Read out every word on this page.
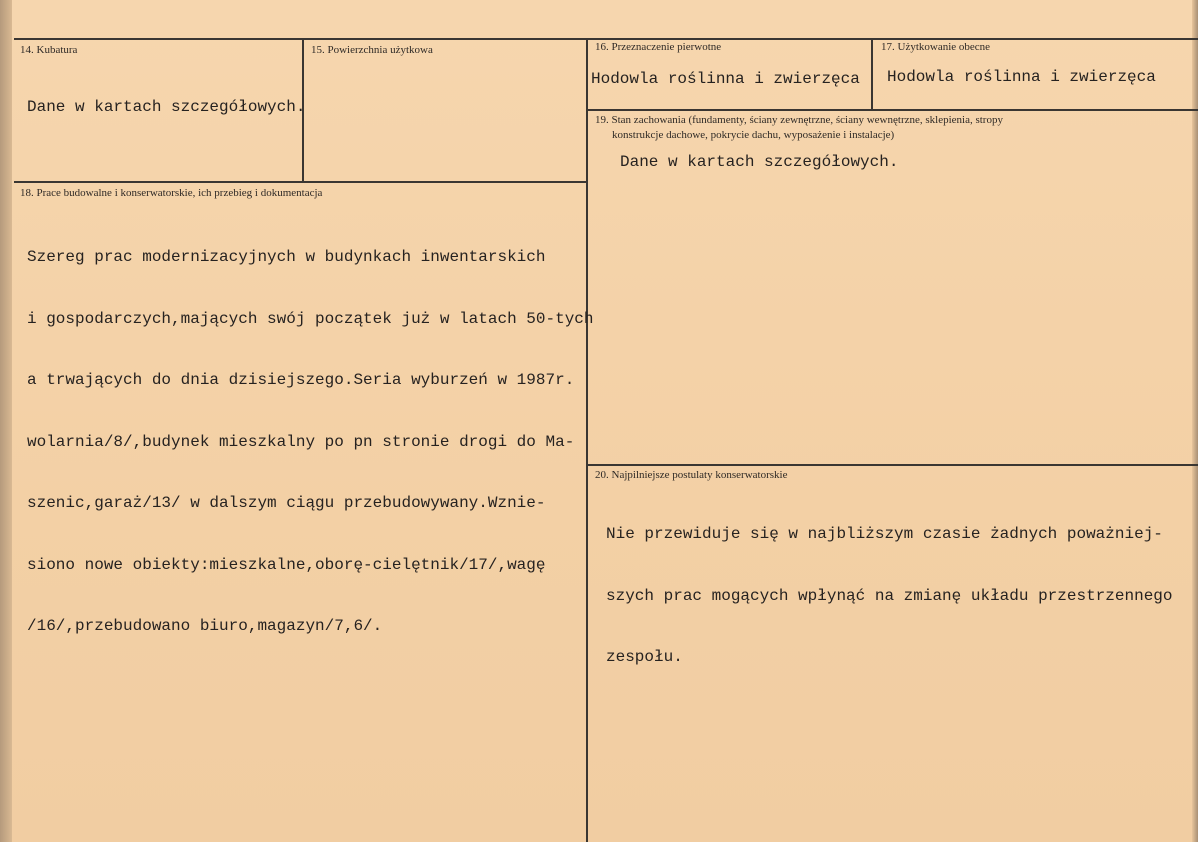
14. Kubatura
Dane w kartach szczegółowych.
15. Powierzchnia użytkowa	16. Przeznaczenie pierwotne
Hodowla roślinna i zwierzęca
17. Użytkowanie obecne
Hodowla roślinna i zwierzęca
19. Stan zachowania (fundamenty, ściany zewnętrzne, ściany wewnętrzne, sklepienia, stropy
konstrukcje dachowe, pokrycie dachu, wyposażenie i instalacje)
Dane w kartach szczegółowych.
18. Prace budowalne i konserwatorskie, ich przebieg i dokumentacja

Szereg prac modernizacyjnych w budynkach inwentarskich

i gospodarczych,mających swój początek już w latach 50-tych

a trwających do dnia dzisiejszego.Seria wyburzeń w 1987r.

wolarnia/8/,budynek mieszkalny po pn stronie drogi do Ma-

szenic,garaż/13/ w dalszym ciągu przebudowywany.Wznie-

siono nowe obiekty:mieszkalne,oborę-cielętnik/17/,wagę

/16/,przebudowano biuro,magazyn/7,6/.

20. Najpilniejsze postulaty konserwatorskie

Nie przewiduje się w najbliższym czasie żadnych poważniej-

szych prac mogących wpłynąć na zmianę układu przestrzennego

zespołu.
